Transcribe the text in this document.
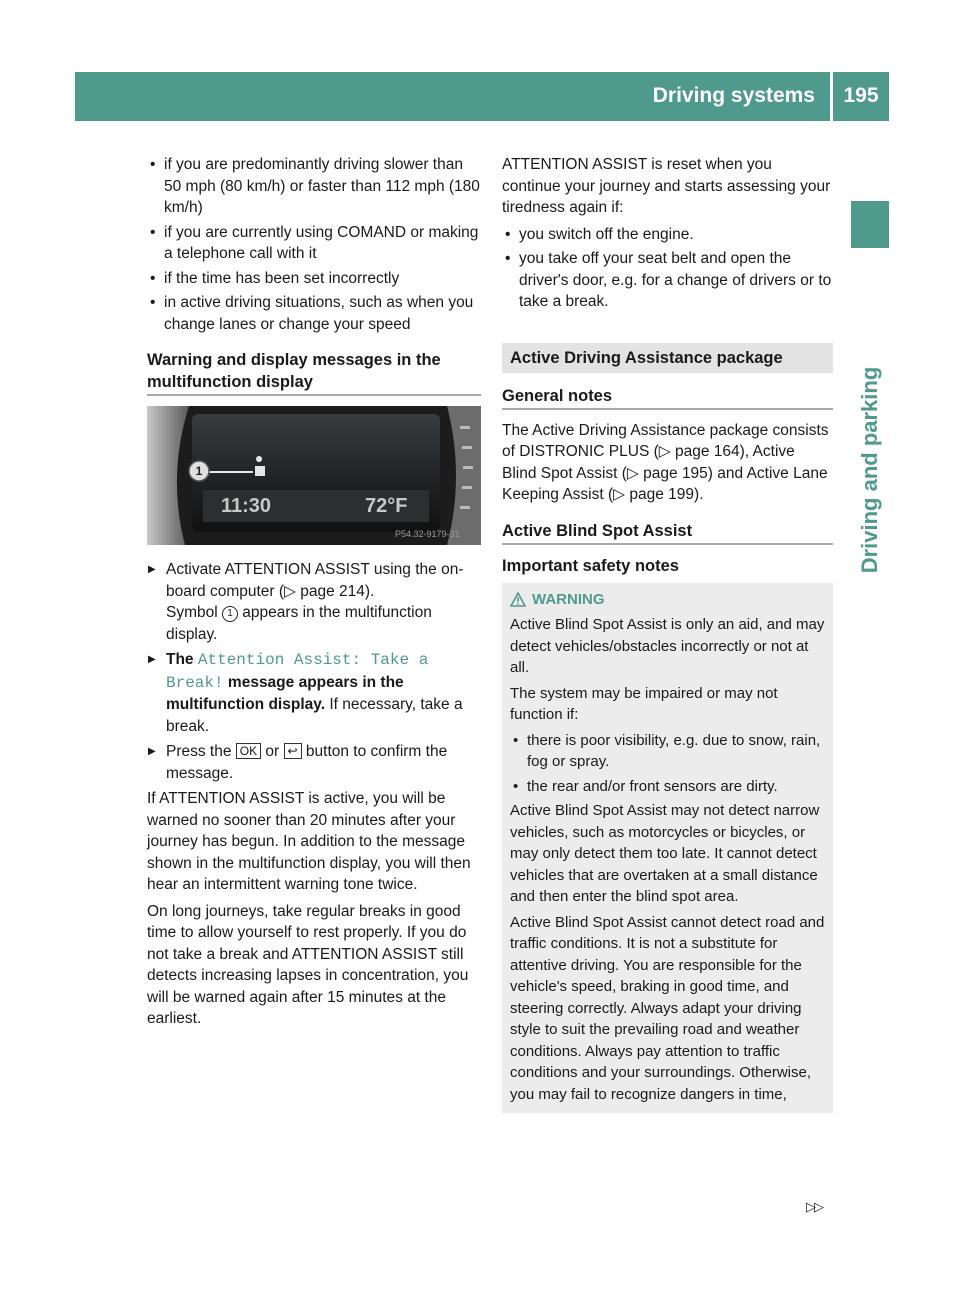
Driving systems	195
Driving and parking
• if you are predominantly driving slower than 50 mph (80 km/h) or faster than 112 mph (180 km/h)
• if you are currently using COMAND or making a telephone call with it
• if the time has been set incorrectly
• in active driving situations, such as when you change lanes or change your speed
Warning and display messages in the multifunction display
1
11:30	72°F
P54.32-9179-31
▶ Activate ATTENTION ASSIST using the on-board computer (▷ page 214).
Symbol 1 appears in the multifunction display.
▶ The Attention Assist: Take a Break! message appears in the multifunction display. If necessary, take a break.
▶ Press the OK or ↩ button to confirm the message.

If ATTENTION ASSIST is active, you will be warned no sooner than 20 minutes after your journey has begun. In addition to the message shown in the multifunction display, you will then hear an intermittent warning tone twice.

On long journeys, take regular breaks in good time to allow yourself to rest properly. If you do not take a break and ATTENTION ASSIST still detects increasing lapses in concentration, you will be warned again after 15 minutes at the earliest.

ATTENTION ASSIST is reset when you continue your journey and starts assessing your tiredness again if:

• you switch off the engine.
• you take off your seat belt and open the driver's door, e.g. for a change of drivers or to take a break.
Active Driving Assistance package
General notes

The Active Driving Assistance package consists of DISTRONIC PLUS (▷ page 164), Active Blind Spot Assist (▷ page 195) and Active Lane Keeping Assist (▷ page 199).

Active Blind Spot Assist
Important safety notes
WARNING

Active Blind Spot Assist is only an aid, and may detect vehicles/obstacles incorrectly or not at all.

The system may be impaired or may not function if:

• there is poor visibility, e.g. due to snow, rain, fog or spray.
• the rear and/or front sensors are dirty.

Active Blind Spot Assist may not detect narrow vehicles, such as motorcycles or bicycles, or may only detect them too late. It cannot detect vehicles that are overtaken at a small distance and then enter the blind spot area.

Active Blind Spot Assist cannot detect road and traffic conditions. It is not a substitute for attentive driving. You are responsible for the vehicle's speed, braking in good time, and steering correctly. Always adapt your driving style to suit the prevailing road and weather conditions. Always pay attention to traffic conditions and your surroundings. Otherwise, you may fail to recognize dangers in time,

▷▷
